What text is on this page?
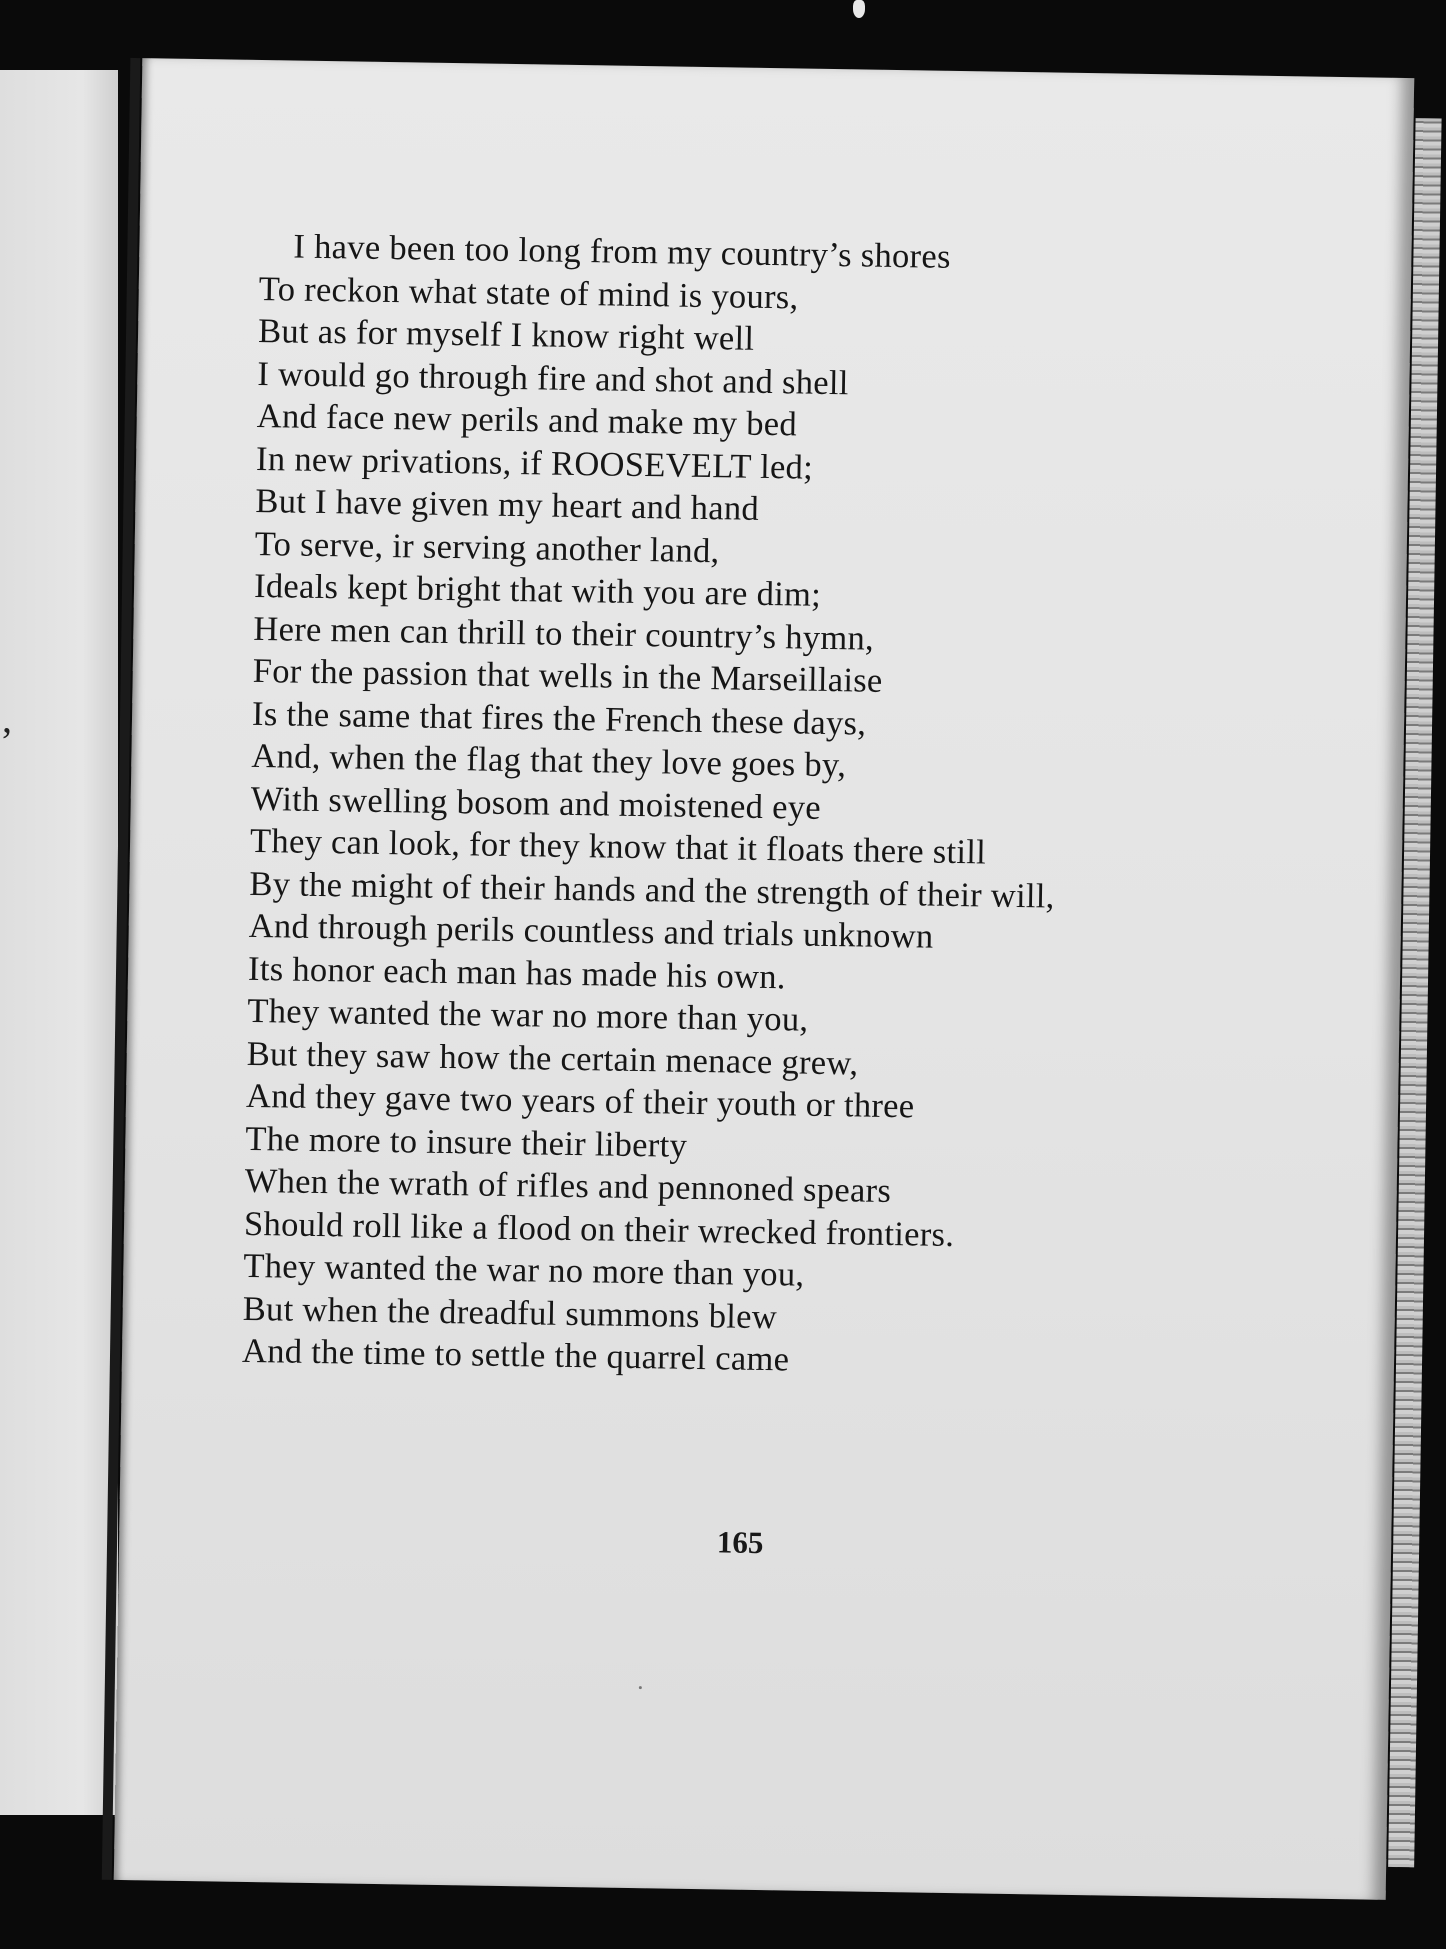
,
I have been too long from my country’s shores
To reckon what state of mind is yours,
But as for myself I know right well
I would go through fire and shot and shell
And face new perils and make my bed
In new privations, if ROOSEVELT led;
But I have given my heart and hand
To serve, ir serving another land,
Ideals kept bright that with you are dim;
Here men can thrill to their country’s hymn,
For the passion that wells in the Marseillaise
Is the same that fires the French these days,
And, when the flag that they love goes by,
With swelling bosom and moistened eye
They can look, for they know that it floats there still
By the might of their hands and the strength of their will,
And through perils countless and trials unknown
Its honor each man has made his own.
They wanted the war no more than you,
But they saw how the certain menace grew,
And they gave two years of their youth or three
The more to insure their liberty
When the wrath of rifles and pennoned spears
Should roll like a flood on their wrecked frontiers.
They wanted the war no more than you,
But when the dreadful summons blew
And the time to settle the quarrel came
165
